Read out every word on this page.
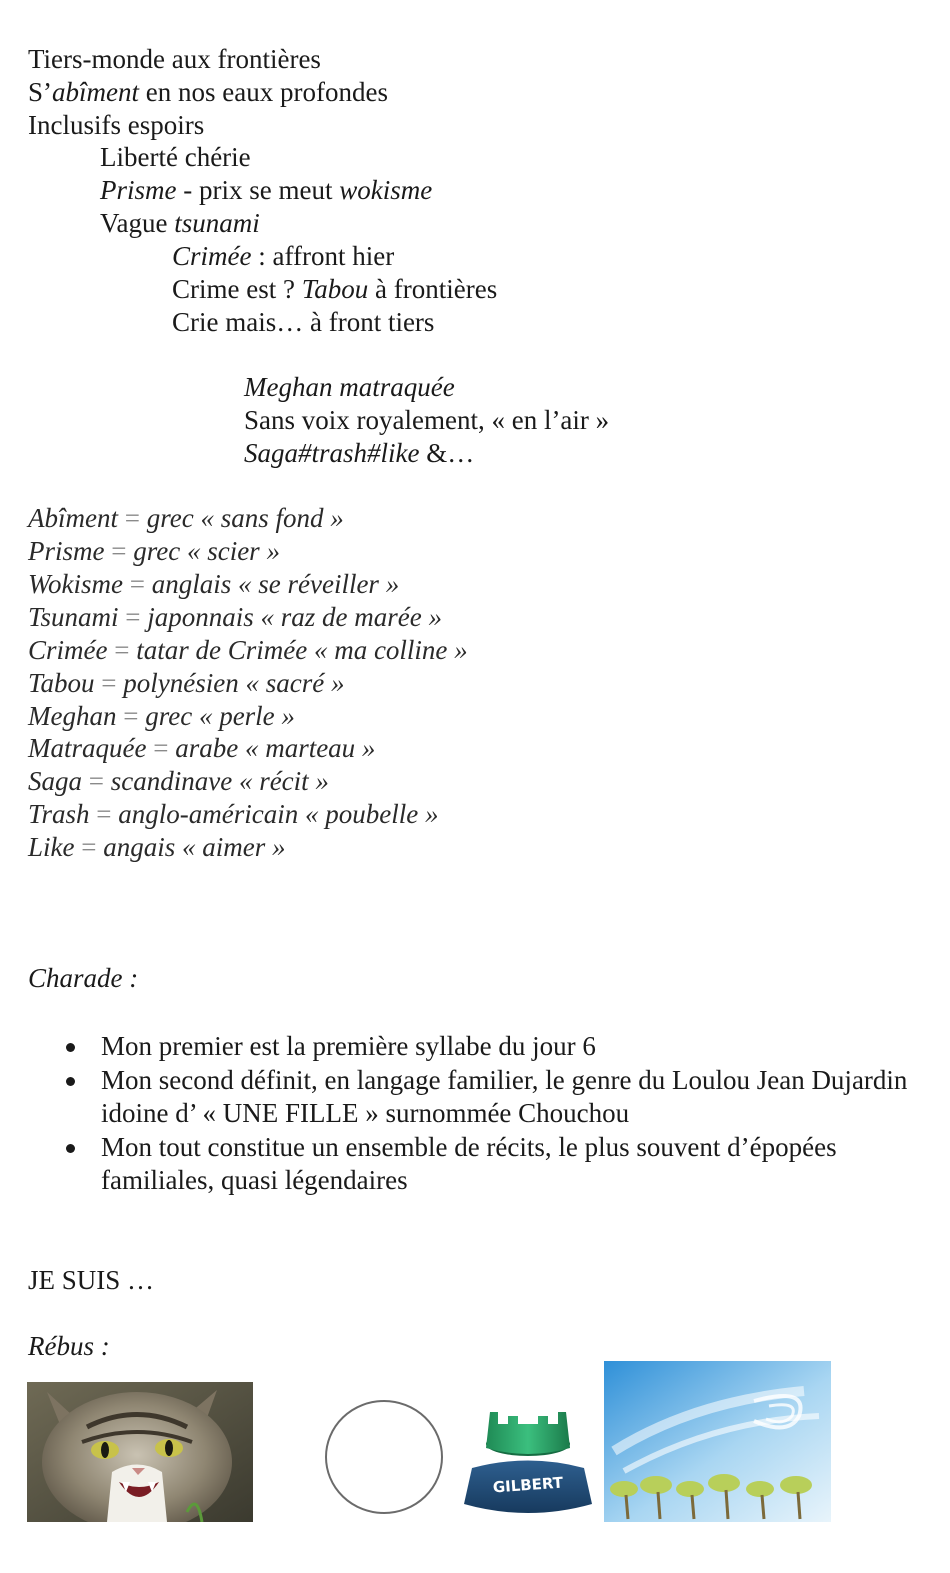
Tiers-monde aux frontières
S’abîment en nos eaux profondes
Inclusifs espoirs
Liberté chérie
Prisme - prix se meut wokisme
Vague tsunami
Crimée : affront hier
Crime est ? Tabou à frontières
Crie mais… à front tiers
Meghan matraquée
Sans voix royalement, « en l’air »
Saga#trash#like &…
Abîment = grec « sans fond »
Prisme = grec « scier »
Wokisme = anglais « se réveiller »
Tsunami = japonnais « raz de marée »
Crimée = tatar de Crimée « ma colline »
Tabou = polynésien « sacré »
Meghan = grec « perle »
Matraquée = arabe « marteau »
Saga = scandinave « récit »
Trash = anglo-américain « poubelle »
Like = angais « aimer »
Charade :
Mon premier est la première syllabe du jour 6
Mon second définit, en langage familier, le genre du Loulou Jean Dujardin idoine d’ « UNE FILLE » surnommée Chouchou
Mon tout constitue un ensemble de récits, le plus souvent d’épopées familiales, quasi légendaires
JE SUIS …
Rébus :
GILBERT
